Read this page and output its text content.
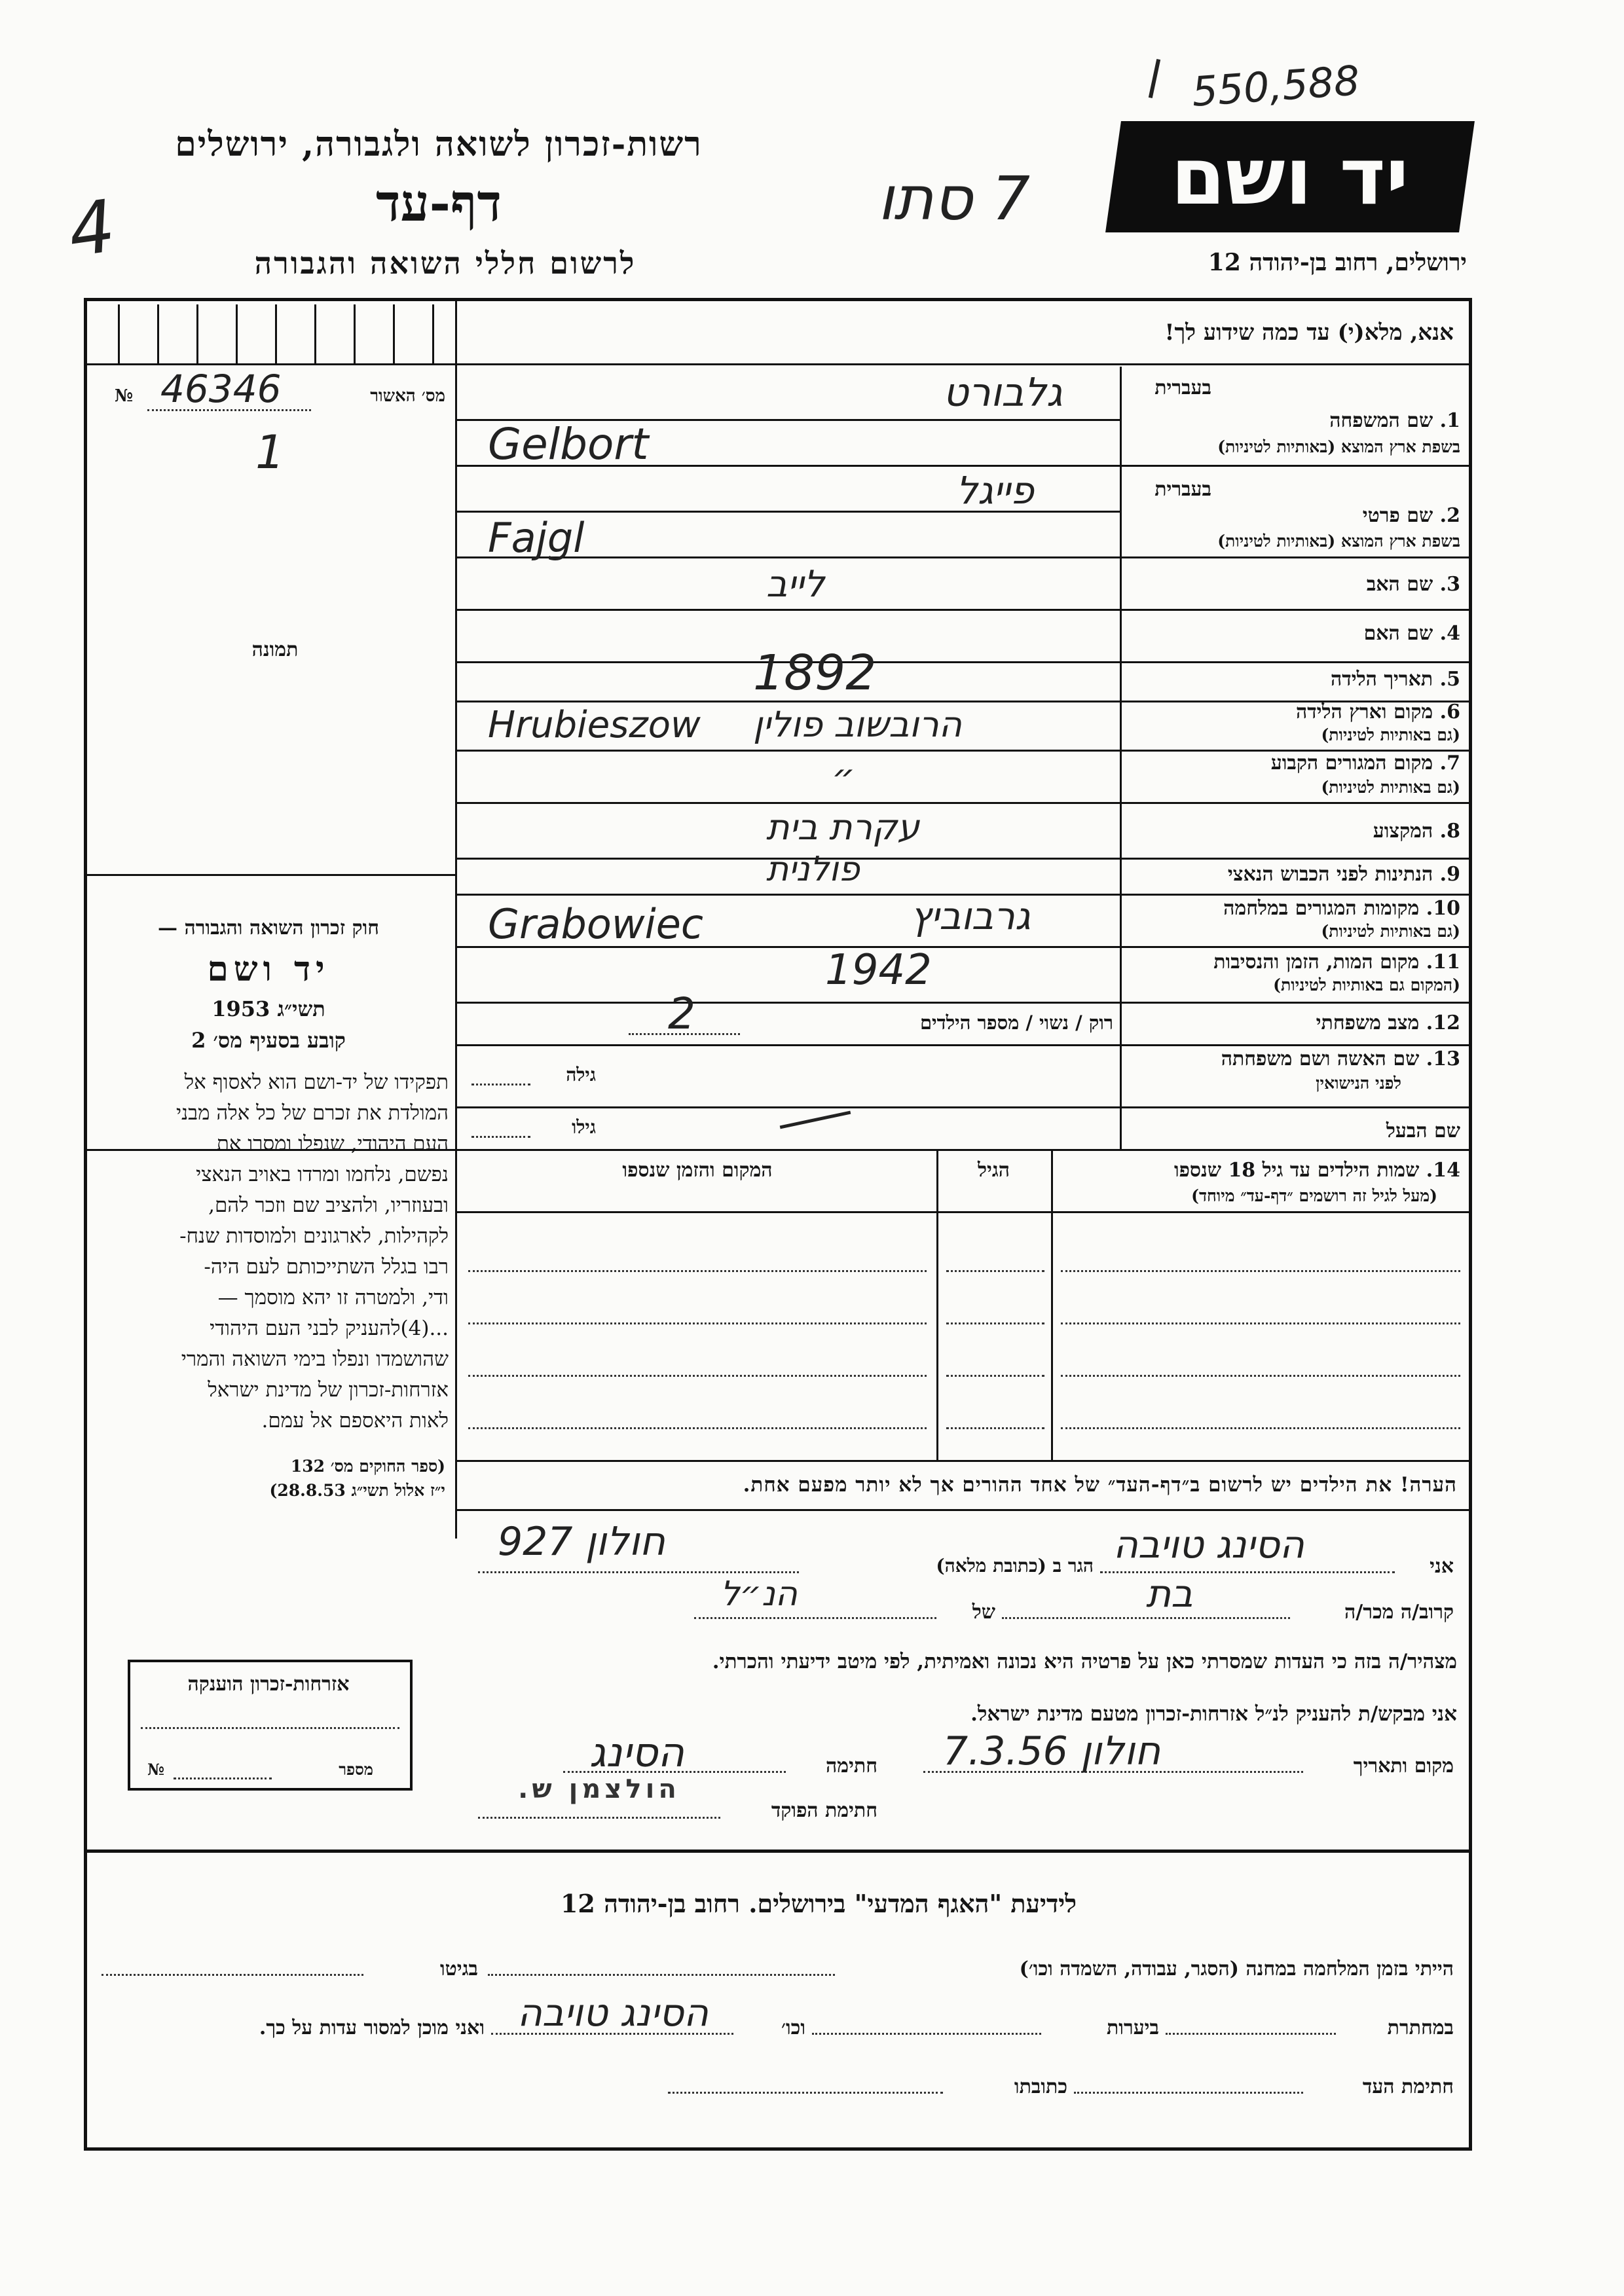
550,588
רשות-זכרון לשואה ולגבורה, ירושלים
דף-עד
לרשום חללי השואה והגבורה
4	7 סתו יד ושם
ירושלים, רחוב בן-יהודה 12
אנא, מלא(י) עד כמה שידוע לך!
מס׳ האשור
№ 46346
1
תמונה
חוק זכרון השואה והגבורה —
יד ושם
תשי״ג 1953
קובע בסעיף מס׳ 2
תפקידו של יד-ושם הוא לאסוף אל
המולדת את זכרם של כל אלה מבני
העם היהודי, שנפלו ומסרו את
נפשם, נלחמו ומרדו באויב הנאצי
ובעוזריו, ולהציב שם וזכר להם,
לקהילות, לארגונים ולמוסדות שנח-
רבו בגלל השתייכותם לעם היה-
ודי, ולמטרה זו יהא מוסמך —
...(4)להעניק לבני העם היהודי
שהושמדו ונפלו בימי השואה והמרי
אזרחות-זכרון של מדינת ישראל
לאות היאספם אל עמם.
(ספר החוקים מס׳ 132
י״ז אלול תשי״ג 28.8.53)
אזרחות-זכרון הוענקה
מספר
№
בעברית
1. שם המשפחה
בשפת ארץ המוצא (באותיות לטיניות)
גלבורט
Gelbort
בעברית
2. שם פרטי
בשפת ארץ המוצא (באותיות לטיניות)
פייגל
Fajgl
3. שם האב
לייב
4. שם האם
5. תאריך הלידה
1892
6. מקום וארץ הלידה
(גם באותיות לטיניות)
הרובשוב פולין
Hrubieszow
7. מקום המגורים הקבוע
(גם באותיות לטיניות)
״
8. המקצוע
עקרת בית
9. הנתינות לפני הכבוש הנאצי
פולנית
10. מקומות המגורים במלחמה
(גם באותיות לטיניות)
גרבוביץ
Grabowiec
11. מקום המות, הזמן והנסיבות
(המקום גם באותיות לטיניות)
1942
12. מצב משפחתי
רוק / נשוי / מספר הילדים
2
13. שם האשה ושם משפחתה
לפני הנישואין
גילה
שם הבעל
גילו
14. שמות הילדים עד גיל 18 שנספו
(מעל לגיל זה רושמים ״דף-עד״ מיוחד)
הגיל
המקום והזמן שנספו
הערה! את הילדים יש לרשום ב״דף-העד״ של אחד ההורים אך לא יותר מפעם אחת.
אני
הסינג טויבה
הגר ב (כתובת מלאה)
חולון 927
קרוב/ה מכר/ה
בת
של
הנ״ל
מצהיר/ה בזה כי העדות שמסרתי כאן על פרטיה היא נכונה ואמיתית, לפי מיטב ידיעתי והכרתי.
אני מבקש/ת להעניק לנ״ל אזרחות-זכרון מטעם מדינת ישראל.
מקום ותאריך
חולון 7.3.56
חתימה
הסינג
חתימת הפוקד
הולצמן ש.
לידיעת "האגף המדעי" בירושלים. רחוב בן-יהודה 12
הייתי בזמן המלחמה במחנה (הסגר, עבודה, השמדה וכו׳)
בגיטו
במחתרת
ביערות
וכו׳
הסינג טויבה
ואני מוכן למסור עדות על כך.
חתימת העד
כתובתו
